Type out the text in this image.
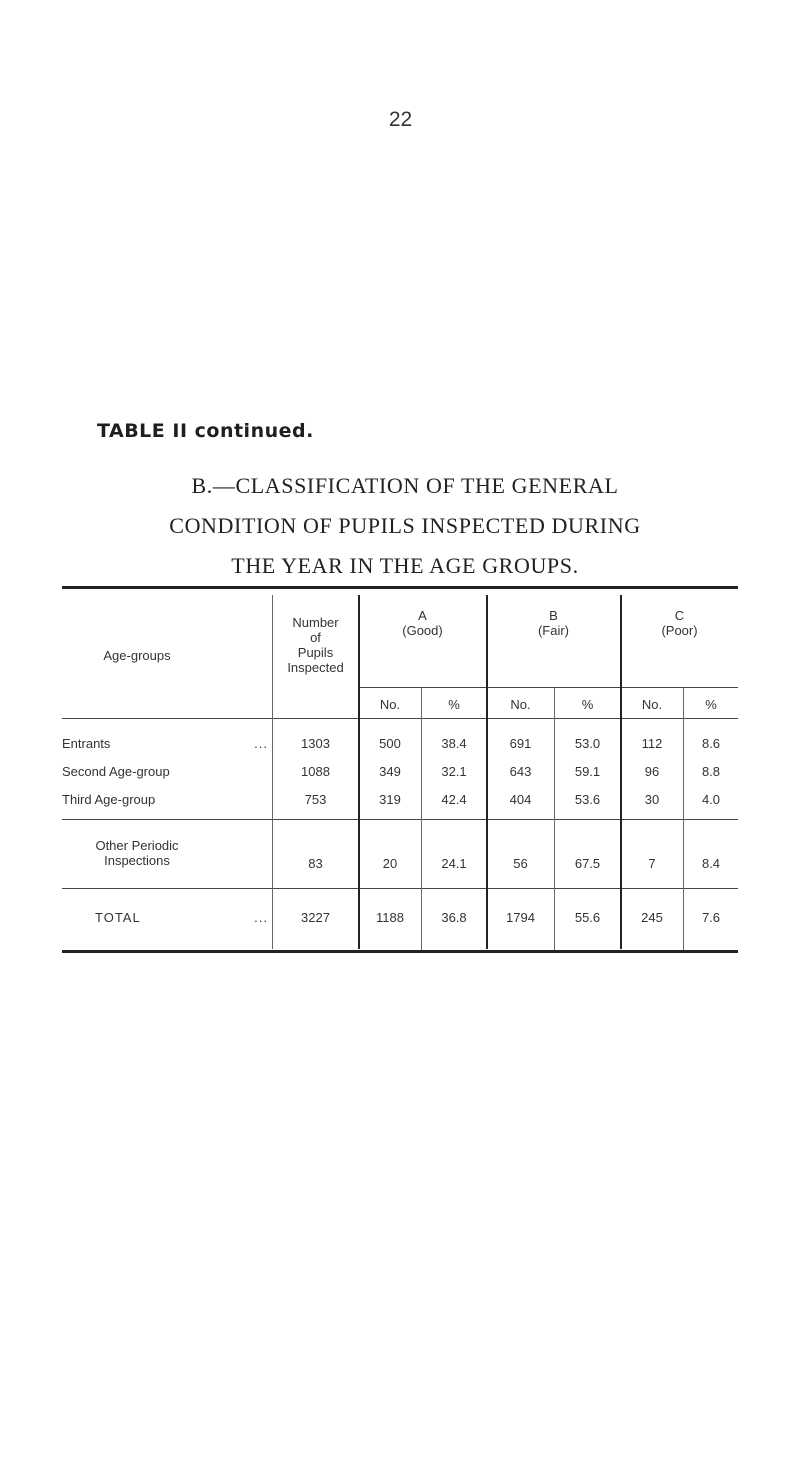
22
TABLE II continued.
B.—CLASSIFICATION OF THE GENERAL
CONDITION OF PUPILS INSPECTED DURING
THE YEAR IN THE AGE GROUPS.
Age-groups
Number
of
Pupils
Inspected
A
(Good)
B
(Fair)
C
(Poor)
No.	%	No.	%	No.	%
Entrants	...	1303	500	38.4	691	53.0	112	8.6
Second Age-group	1088	349	32.1	643	59.1	96	8.8
Third Age-group	753	319	42.4	404	53.6	30	4.0
Other Periodic
Inspections	83	20	24.1	56	67.5	7	8.4
TOTAL	...	3227	1188	36.8	1794	55.6	245	7.6
